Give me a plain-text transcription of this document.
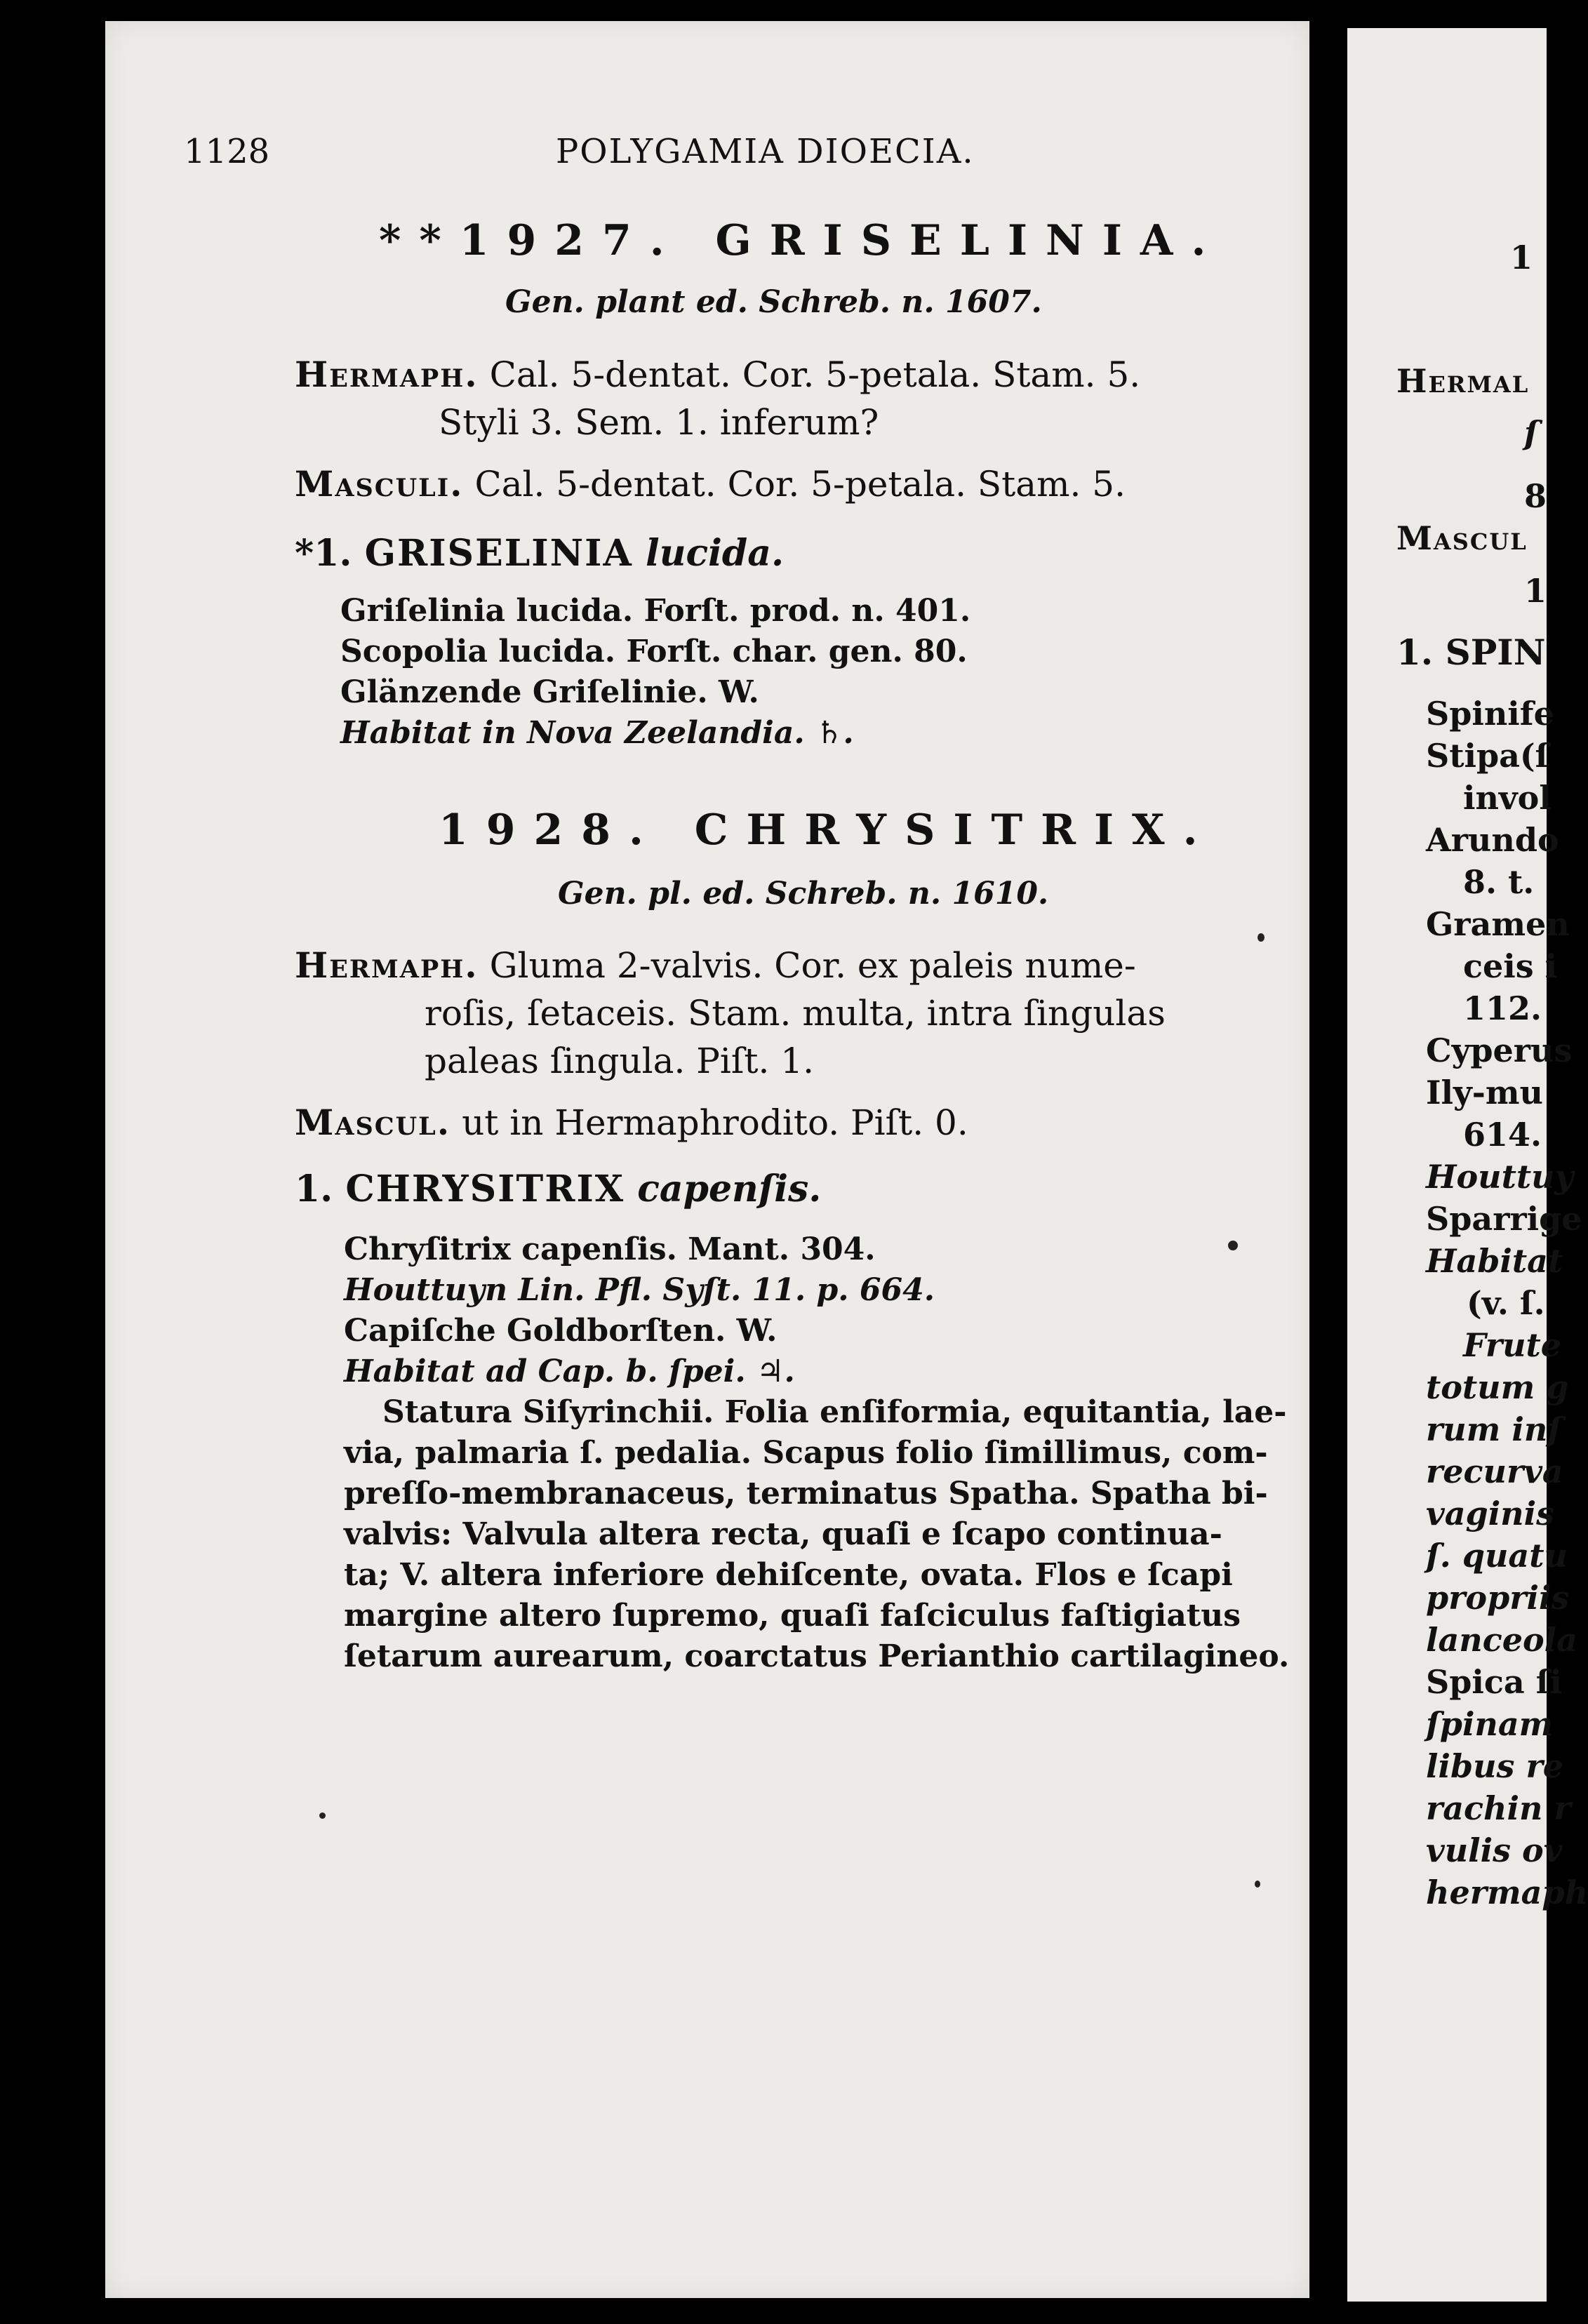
1128	POLYGAMIA DIOECIA.
**1927. GRISELINIA.
Gen. plant ed. Schreb. n. 1607.
Hermaph. Cal. 5-dentat. Cor. 5-petala. Stam. 5.
Styli 3. Sem. 1. inferum?
Masculi. Cal. 5-dentat. Cor. 5-petala. Stam. 5.
*1. GRISELINIA lucida.
Griſelinia lucida. Forſt. prod. n. 401.
Scopolia lucida. Forſt. char. gen. 80.
Glänzende Griſelinie. W.
Habitat in Nova Zeelandia. ♄.
1928. CHRYSITRIX.
Gen. pl. ed. Schreb. n. 1610.
Hermaph. Gluma 2-valvis. Cor. ex paleis nume-
roſis, ſetaceis. Stam. multa, intra ſingulas
paleas ſingula. Piſt. 1.
Mascul. ut in Hermaphrodito. Piſt. 0.
1. CHRYSITRIX capenſis.
Chryſitrix capenſis. Mant. 304.
Houttuyn Lin. Pfl. Syſt. 11. p. 664.
Capiſche Goldborſten. W.
Habitat ad Cap. b. ſpei. ♃.
Statura Siſyrinchii. Folia enſiformia, equitantia, lae-
via, palmaria ſ. pedalia. Scapus folio ſimillimus, com-
preſſo-membranaceus, terminatus Spatha. Spatha bi-
valvis: Valvula altera recta, quaſi e ſcapo continua-
ta; V. altera inferiore dehiſcente, ovata. Flos e ſcapi
margine altero ſupremo, quaſi faſciculus faſtigiatus
ſetarum aurearum, coarctatus Perianthio cartilagineo.
1
Hermal
ſ
8
Mascul
1
1. SPIN
Spinife
Stipa(ſ
invol
Arundo
8. t.
Gramen
ceis i
112.
Cyperus
Ily-mu
614.
Houttuy
Sparrige
Habitat
(v. ſ.
Frute
totum g
rum inſ
recurva
vaginis
ſ. quatu
propriis
lanceola
Spica ſi
ſpinam
libus re
rachin r
vulis ov
hermaph
